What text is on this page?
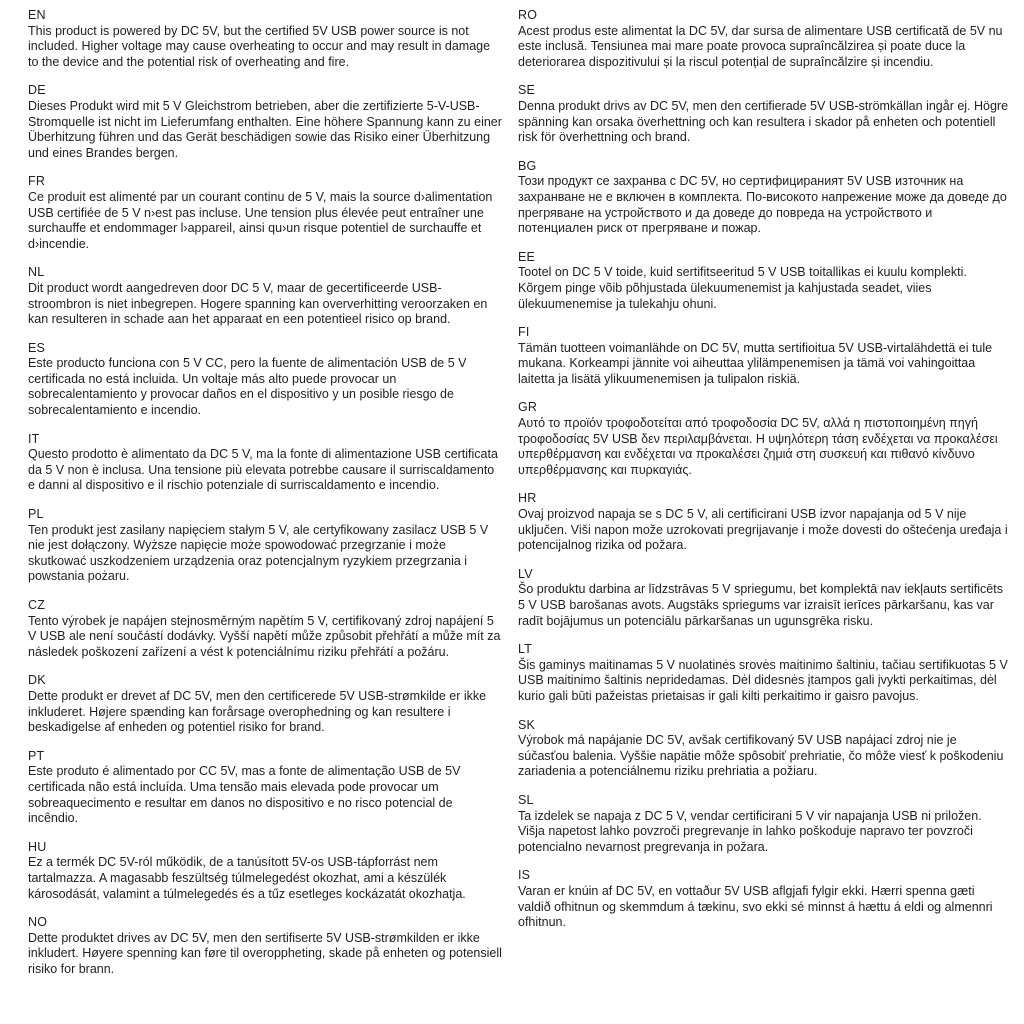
EN

This product is powered by DC 5V, but the certified 5V USB power source is not included. Higher voltage may cause overheating to occur and may result in damage to the device and the potential risk of overheating and fire.

DE

Dieses Produkt wird mit 5 V Gleichstrom betrieben, aber die zertifizierte 5-V-USB-Stromquelle ist nicht im Lieferumfang enthalten. Eine höhere Spannung kann zu einer Überhitzung führen und das Gerät beschädigen sowie das Risiko einer Überhitzung und eines Brandes bergen.

FR

Ce produit est alimenté par un courant continu de 5 V, mais la source d›alimentation USB certifiée de 5 V n›est pas incluse. Une tension plus élevée peut entraîner une surchauffe et endommager l›appareil, ainsi qu›un risque potentiel de surchauffe et d›incendie.

NL

Dit product wordt aangedreven door DC 5 V, maar de gecertificeerde USB-stroombron is niet inbegrepen. Hogere spanning kan oververhitting veroorzaken en kan resulteren in schade aan het apparaat en een potentieel risico op brand.

ES

Este producto funciona con 5 V CC, pero la fuente de alimentación USB de 5 V certificada no está incluida. Un voltaje más alto puede provocar un sobrecalentamiento y provocar daños en el dispositivo y un posible riesgo de sobrecalentamiento e incendio.

IT

Questo prodotto è alimentato da DC 5 V, ma la fonte di alimentazione USB certificata da 5 V non è inclusa. Una tensione più elevata potrebbe causare il surriscaldamento e danni al dispositivo e il rischio potenziale di surriscaldamento e incendio.

PL

Ten produkt jest zasilany napięciem stałym 5 V, ale certyfikowany zasilacz USB 5 V nie jest dołączony. Wyższe napięcie może spowodować przegrzanie i może skutkować uszkodzeniem urządzenia oraz potencjalnym ryzykiem przegrzania i powstania pożaru.

CZ

Tento výrobek je napájen stejnosměrným napětím 5 V, certifikovaný zdroj napájení 5 V USB ale není součástí dodávky. Vyšší napětí může způsobit přehřátí a může mít za následek poškození zařízení a vést k potenciálnímu riziku přehřátí a požáru.

DK

Dette produkt er drevet af DC 5V, men den certificerede 5V USB-strømkilde er ikke inkluderet. Højere spænding kan forårsage overophedning og kan resultere i beskadigelse af enheden og potentiel risiko for brand.

PT

Este produto é alimentado por CC 5V, mas a fonte de alimentação USB de 5V certificada não está incluída. Uma tensão mais elevada pode provocar um sobreaquecimento e resultar em danos no dispositivo e no risco potencial de incêndio.

HU

Ez a termék DC 5V-ról működik, de a tanúsított 5V-os USB-tápforrást nem tartalmazza. A magasabb feszültség túlmelegedést okozhat, ami a készülék károsodását, valamint a túlmelegedés és a tűz esetleges kockázatát okozhatja.

NO

Dette produktet drives av DC 5V, men den sertifiserte 5V USB-strømkilden er ikke inkludert. Høyere spenning kan føre til overoppheting, skade på enheten og potensiell risiko for brann.

RO

Acest produs este alimentat la DC 5V, dar sursa de alimentare USB certificată de 5V nu este inclusă. Tensiunea mai mare poate provoca supraîncălzirea și poate duce la deteriorarea dispozitivului și la riscul potențial de supraîncălzire și incendiu.

SE

Denna produkt drivs av DC 5V, men den certifierade 5V USB-strömkällan ingår ej. Högre spänning kan orsaka överhettning och kan resultera i skador på enheten och potentiell risk för överhettning och brand.

BG

Този продукт се захранва с DC 5V, но сертифицираният 5V USB източник на захранване не е включен в комплекта. По-високото напрежение може да доведе до прегряване на устройството и да доведе до повреда на устройството и потенциален риск от прегряване и пожар.

EE

Tootel on DC 5 V toide, kuid sertifitseeritud 5 V USB toitallikas ei kuulu komplekti. Kõrgem pinge võib põhjustada ülekuumenemist ja kahjustada seadet, viies ülekuumenemise ja tulekahju ohuni.

FI

Tämän tuotteen voimanlähde on DC 5V, mutta sertifioitua 5V USB-virtalähdettä ei tule mukana. Korkeampi jännite voi aiheuttaa ylilämpenemisen ja tämä voi vahingoittaa laitetta ja lisätä ylikuumenemisen ja tulipalon riskiä.

GR

Αυτό το προϊόν τροφοδοτείται από τροφοδοσία DC 5V, αλλά η πιστοποιημένη πηγή τροφοδοσίας 5V USB δεν περιλαμβάνεται. Η υψηλότερη τάση ενδέχεται να προκαλέσει υπερθέρμανση και ενδέχεται να προκαλέσει ζημιά στη συσκευή και πιθανό κίνδυνο υπερθέρμανσης και πυρκαγιάς.

HR

Ovaj proizvod napaja se s DC 5 V, ali certificirani USB izvor napajanja od 5 V nije uključen. Viši napon može uzrokovati pregrijavanje i može dovesti do oštećenja uređaja i potencijalnog rizika od požara.

LV

Šo produktu darbina ar līdzstrāvas 5 V spriegumu, bet komplektā nav iekļauts sertificēts 5 V USB barošanas avots. Augstāks spriegums var izraisīt ierīces pārkaršanu, kas var radīt bojājumus un potenciālu pārkaršanas un ugunsgrēka risku.

LT

Šis gaminys maitinamas 5 V nuolatinės srovės maitinimo šaltiniu, tačiau sertifikuotas 5 V USB maitinimo šaltinis nepridedamas. Dėl didesnės įtampos gali įvykti perkaitimas, dėl kurio gali būti pažeistas prietaisas ir gali kilti perkaitimo ir gaisro pavojus.

SK

Výrobok má napájanie DC 5V, avšak certifikovaný 5V USB napájací zdroj nie je súčasťou balenia. Vyššie napätie môže spôsobiť prehriatie, čo môže viesť k poškodeniu zariadenia a potenciálnemu riziku prehriatia a požiaru.

SL

Ta izdelek se napaja z DC 5 V, vendar certificirani 5 V vir napajanja USB ni priložen. Višja napetost lahko povzroči pregrevanje in lahko poškoduje napravo ter povzroči potencialno nevarnost pregrevanja in požara.

IS

Varan er knúin af DC 5V, en vottaður 5V USB aflgjafi fylgir ekki. Hærri spenna gæti valdið ofhitnun og skemmdum á tækinu, svo ekki sé minnst á hættu á eldi og almennri ofhitnun.
